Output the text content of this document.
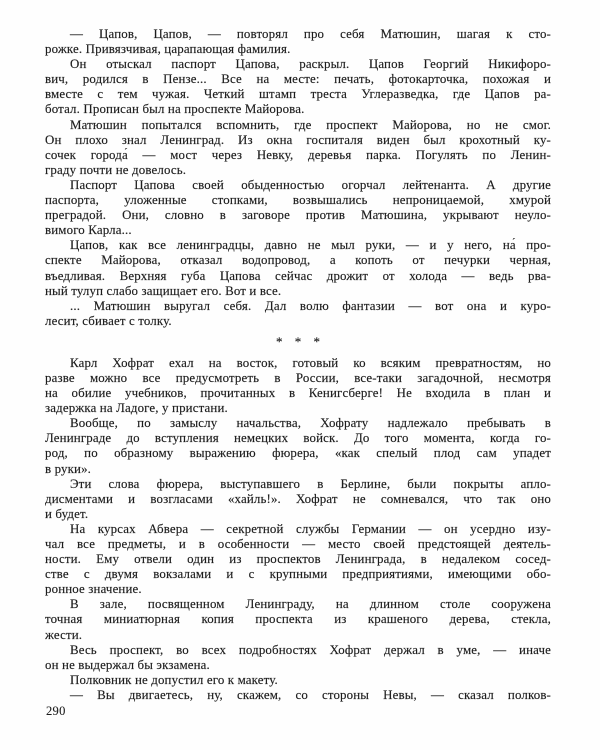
— Цапов, Цапов, — повторял про себя Матюшин, шагая к сто-
рожке. Привязчивая, царапающая фамилия.
Он отыскал паспорт Цапова, раскрыл. Цапов Георгий Никифоро-
вич, родился в Пензе... Все на месте: печать, фотокарточка, похожая и
вместе с тем чужая. Четкий штамп треста Углеразведка, где Цапов ра-
ботал. Прописан был на проспекте Майорова.
Матюшин попытался вспомнить, где проспект Майорова, но не смог.
Он плохо знал Ленинград. Из окна госпиталя виден был крохотный ку-
сочек города́ — мост через Невку, деревья парка. Погулять по Ленин-
граду почти не довелось.
Паспорт Цапова своей обыденностью огорчал лейтенанта. А другие
паспорта, уложенные стопками, возвышались непроницаемой, хмурой
преградой. Они, словно в заговоре против Матюшина, укрывают неуло-
вимого Карла...
Цапов, как все ленинградцы, давно не мыл руки, — и у него, на́ про-
спекте Майорова, отказал водопровод, а копоть от печурки черная,
въедливая. Верхняя губа Цапова сейчас дрожит от холода — ведь рва-
ный тулуп слабо защищает его. Вот и все.
... Матюшин выругал себя. Дал волю фантазии — вот она и куро-
лесит, сбивает с толку.
* * *
Карл Хофрат ехал на восток, готовый ко всяким превратностям, но
разве можно все предусмотреть в России, все-таки загадочной, несмотря
на обилие учебников, прочитанных в Кенигсберге! Не входила в план и
задержка на Ладоге, у пристани.
Вообще, по замыслу начальства, Хофрату надлежало пребывать в
Ленинграде до вступления немецких войск. До того момента, когда го-
род, по образному выражению фюрера, «как спелый плод сам упадет
в руки».
Эти слова фюрера, выступавшего в Берлине, были покрыты апло-
дисментами и возгласами «хайль!». Хофрат не сомневался, что так оно
и будет.
На курсах Абвера — секретной службы Германии — он усердно изу-
чал все предметы, и в особенности — место своей предстоящей деятель-
ности. Ему отвели один из проспектов Ленинграда, в недалеком сосед-
стве с двумя вокзалами и с крупными предприятиями, имеющими обо-
ронное значение.
В зале, посвященном Ленинграду, на длинном столе сооружена
точная миниатюрная копия проспекта из крашеного дерева, стекла,
жести.
Весь проспект, во всех подробностях Хофрат держал в уме, — иначе
он не выдержал бы экзамена.
Полковник не допустил его к макету.
— Вы двигаетесь, ну, скажем, со стороны Невы, — сказал полков-
290
